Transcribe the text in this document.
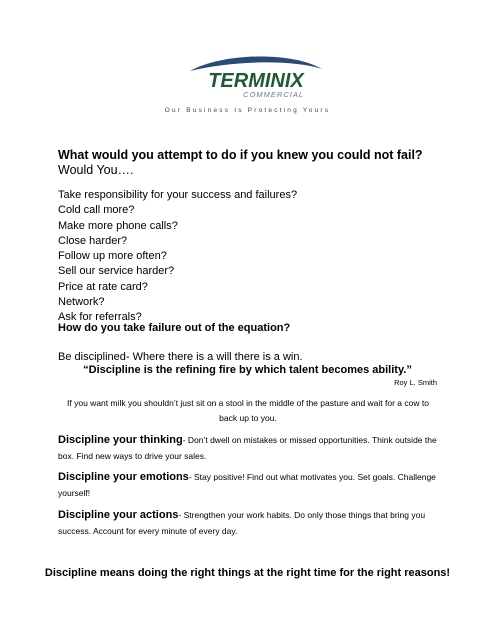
TERMINIX
COMMERCIAL
Our Business Is Protecting Yours
What would you attempt to do if you knew you could not fail?
Would You….
Take responsibility for your success and failures?
Cold call more?
Make more phone calls?
Close harder?
Follow up more often?
Sell our service harder?
Price at rate card?
Network?
Ask for referrals?
How do you take failure out of the equation?
Be disciplined- Where there is a will there is a win.
“Discipline is the refining fire by which talent becomes ability.”
Roy L. Smith
If you want milk you shouldn’t just sit on a stool in the middle of the pasture and wait for a cow to back up to you.
Discipline your thinking- Don’t dwell on mistakes or missed opportunities. Think outside the box. Find new ways to drive your sales.
Discipline your emotions- Stay positive! Find out what motivates you. Set goals. Challenge yourself!
Discipline your actions- Strengthen your work habits. Do only those things that bring you success. Account for every minute of every day.
Discipline means doing the right things at the right time for the right reasons!
